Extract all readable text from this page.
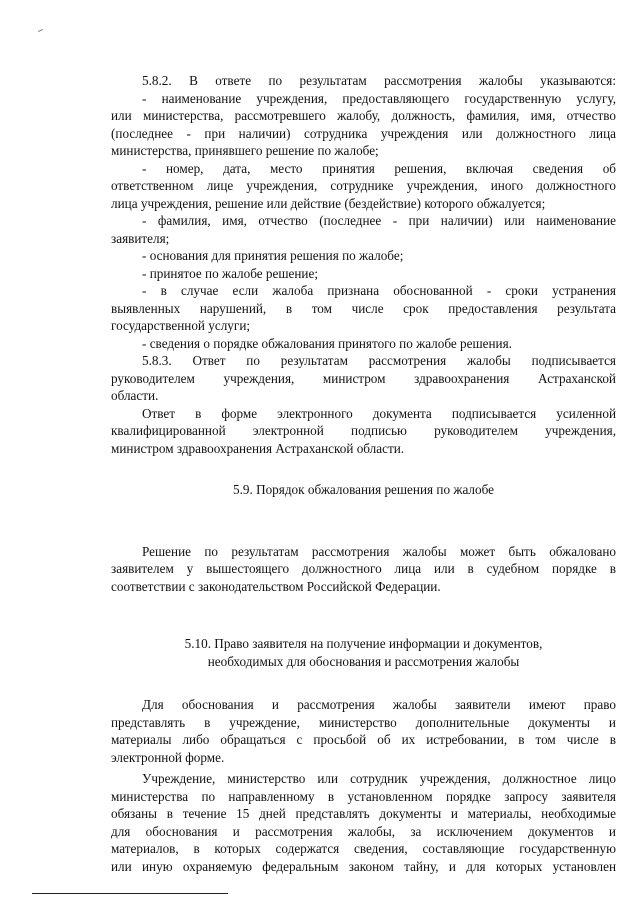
5.8.2. В ответе по результатам рассмотрения жалобы указываются:
- наименование учреждения, предоставляющего государственную услугу,
или министерства, рассмотревшего жалобу, должность, фамилия, имя, отчество
(последнее - при наличии) сотрудника учреждения или должностного лица
министерства, принявшего решение по жалобе;
- номер, дата, место принятия решения, включая сведения об
ответственном лице учреждения, сотруднике учреждения, иного должностного
лица учреждения, решение или действие (бездействие) которого обжалуется;
- фамилия, имя, отчество (последнее - при наличии) или наименование
заявителя;
- основания для принятия решения по жалобе;
- принятое по жалобе решение;
- в случае если жалоба признана обоснованной - сроки устранения
выявленных нарушений, в том числе срок предоставления результата
государственной услуги;
- сведения о порядке обжалования принятого по жалобе решения.
5.8.3. Ответ по результатам рассмотрения жалобы подписывается
руководителем учреждения, министром здравоохранения Астраханской
области.
Ответ в форме электронного документа подписывается усиленной
квалифицированной электронной подписью руководителем учреждения,
министром здравоохранения Астраханской области.
5.9. Порядок обжалования решения по жалобе
Решение по результатам рассмотрения жалобы может быть обжаловано
заявителем у вышестоящего должностного лица или в судебном порядке в
соответствии с законодательством Российской Федерации.
5.10. Право заявителя на получение информации и документов,
необходимых для обоснования и рассмотрения жалобы
Для обоснования и рассмотрения жалобы заявители имеют право
представлять в учреждение, министерство дополнительные документы и
материалы либо обращаться с просьбой об их истребовании, в том числе в
электронной форме.
Учреждение, министерство или сотрудник учреждения, должностное лицо
министерства по направленному в установленном порядке запросу заявителя
обязаны в течение 15 дней представлять документы и материалы, необходимые
для обоснования и рассмотрения жалобы, за исключением документов и
материалов, в которых содержатся сведения, составляющие государственную
или иную охраняемую федеральным законом тайну, и для которых установлен
